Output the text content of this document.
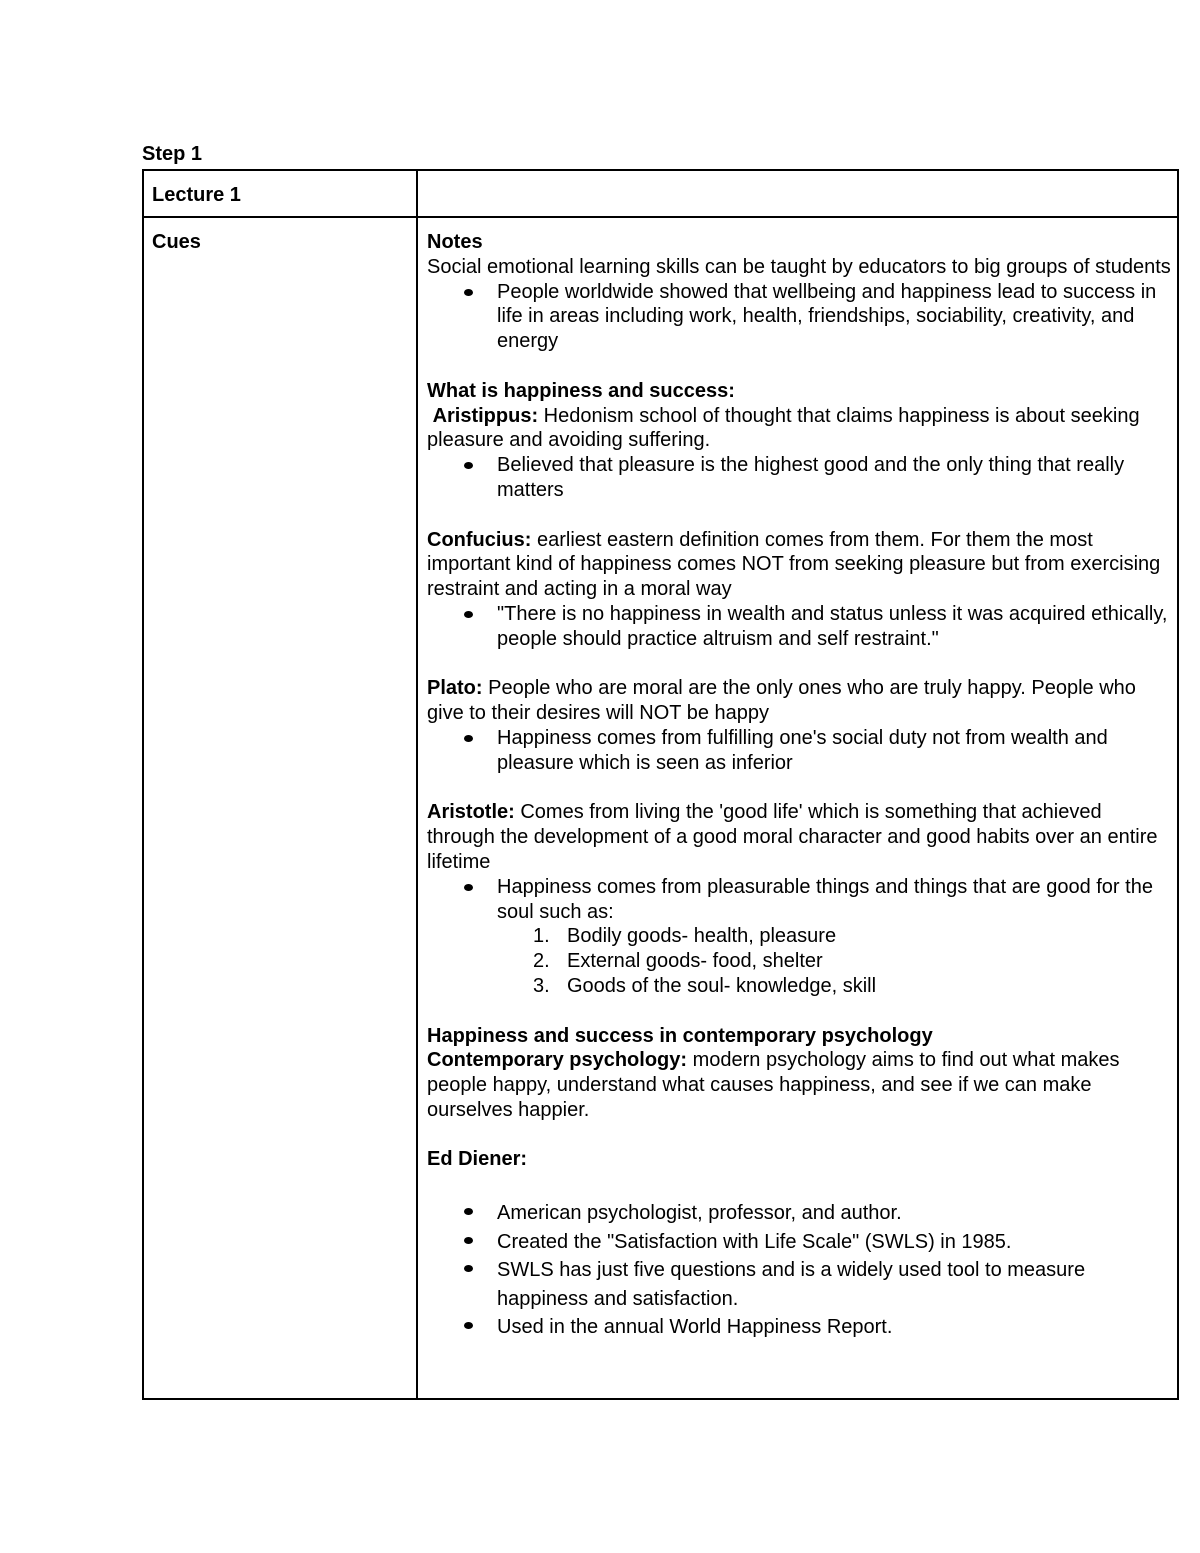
Step 1
Lecture 1
Cues	Notes

Social emotional learning skills can be taught by educators to big groups of students

People worldwide showed that wellbeing and happiness lead to success in life in areas including work, health, friendships, sociability, creativity, and energy

What is happiness and success:

Aristippus: Hedonism school of thought that claims happiness is about seeking pleasure and avoiding suffering.

Believed that pleasure is the highest good and the only thing that really matters

Confucius: earliest eastern definition comes from them. For them the most important kind of happiness comes NOT from seeking pleasure but from exercising restraint and acting in a moral way

"There is no happiness in wealth and status unless it was acquired ethically, people should practice altruism and self restraint."

Plato: People who are moral are the only ones who are truly happy. People who give to their desires will NOT be happy

Happiness comes from fulfilling one's social duty not from wealth and pleasure which is seen as inferior

Aristotle: Comes from living the 'good life' which is something that achieved through the development of a good moral character and good habits over an entire lifetime

Happiness comes from pleasurable things and things that are good for the soul such as:
1. Bodily goods- health, pleasure
2. External goods- food, shelter
3. Goods of the soul- knowledge, skill

Happiness and success in contemporary psychology

Contemporary psychology: modern psychology aims to find out what makes people happy, understand what causes happiness, and see if we can make ourselves happier.

Ed Diener:

American psychologist, professor, and author.
Created the "Satisfaction with Life Scale" (SWLS) in 1985.
SWLS has just five questions and is a widely used tool to measure happiness and satisfaction.
Used in the annual World Happiness Report.
